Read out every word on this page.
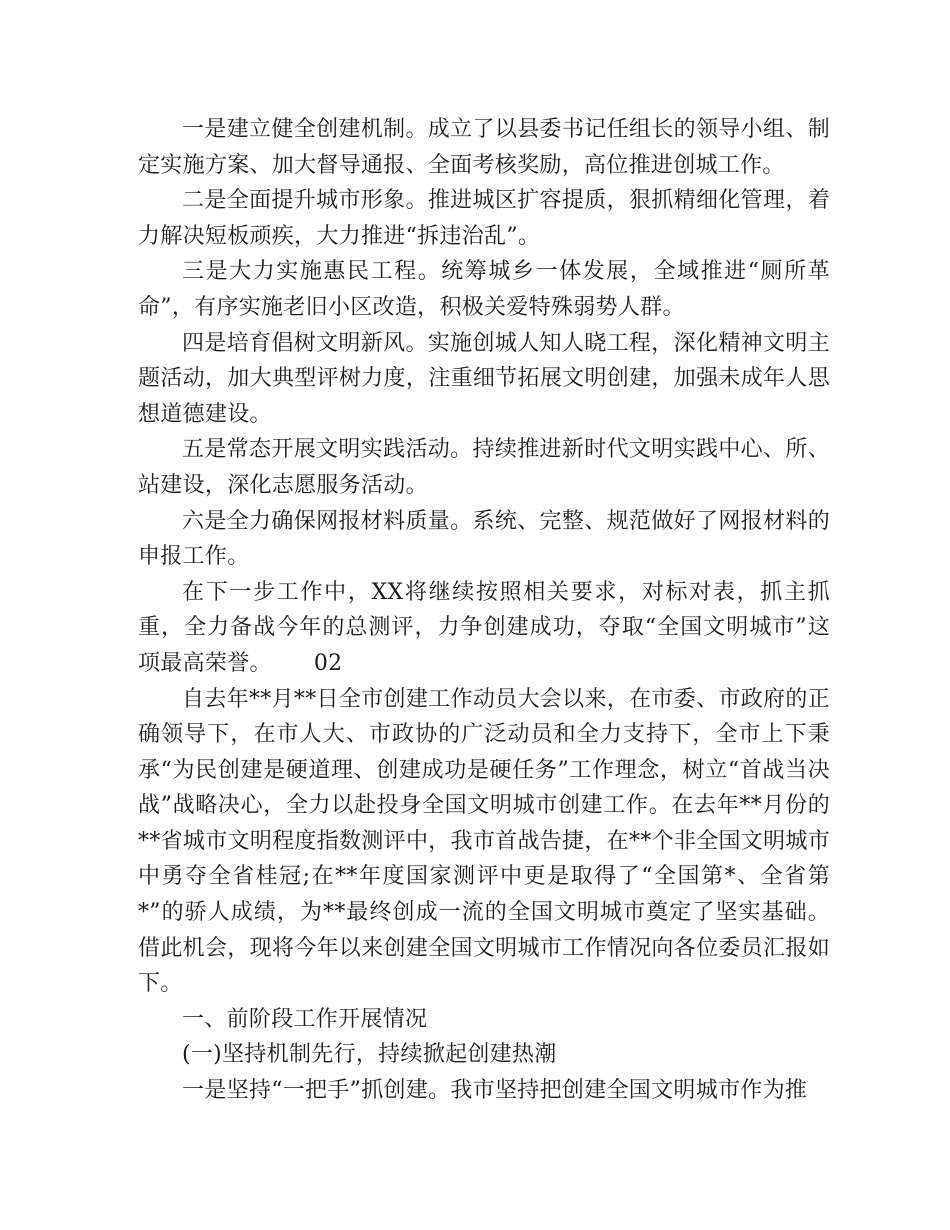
一是建立健全创建机制。成立了以县委书记任组长的领导小组、制定实施方案、加大督导通报、全面考核奖励，高位推进创城工作。

二是全面提升城市形象。推进城区扩容提质，狠抓精细化管理，着力解决短板顽疾，大力推进“拆违治乱”。

三是大力实施惠民工程。统筹城乡一体发展，全域推进“厕所革命”，有序实施老旧小区改造，积极关爱特殊弱势人群。

四是培育倡树文明新风。实施创城人知人晓工程，深化精神文明主题活动，加大典型评树力度，注重细节拓展文明创建，加强未成年人思想道德建设。

五是常态开展文明实践活动。持续推进新时代文明实践中心、所、站建设，深化志愿服务活动。

六是全力确保网报材料质量。系统、完整、规范做好了网报材料的申报工作。

在下一步工作中，XX将继续按照相关要求，对标对表，抓主抓重，全力备战今年的总测评，力争创建成功，夺取“全国文明城市”这项最高荣誉。 02

自去年**月**日全市创建工作动员大会以来，在市委、市政府的正确领导下，在市人大、市政协的广泛动员和全力支持下，全市上下秉承“为民创建是硬道理、创建成功是硬任务”工作理念，树立“首战当决战”战略决心，全力以赴投身全国文明城市创建工作。在去年**月份的**省城市文明程度指数测评中，我市首战告捷，在**个非全国文明城市中勇夺全省桂冠;在**年度国家测评中更是取得了“全国第*、全省第*”的骄人成绩，为**最终创成一流的全国文明城市奠定了坚实基础。借此机会，现将今年以来创建全国文明城市工作情况向各位委员汇报如下。

一、前阶段工作开展情况

(一)坚持机制先行，持续掀起创建热潮

一是坚持“一把手”抓创建。我市坚持把创建全国文明城市作为推
